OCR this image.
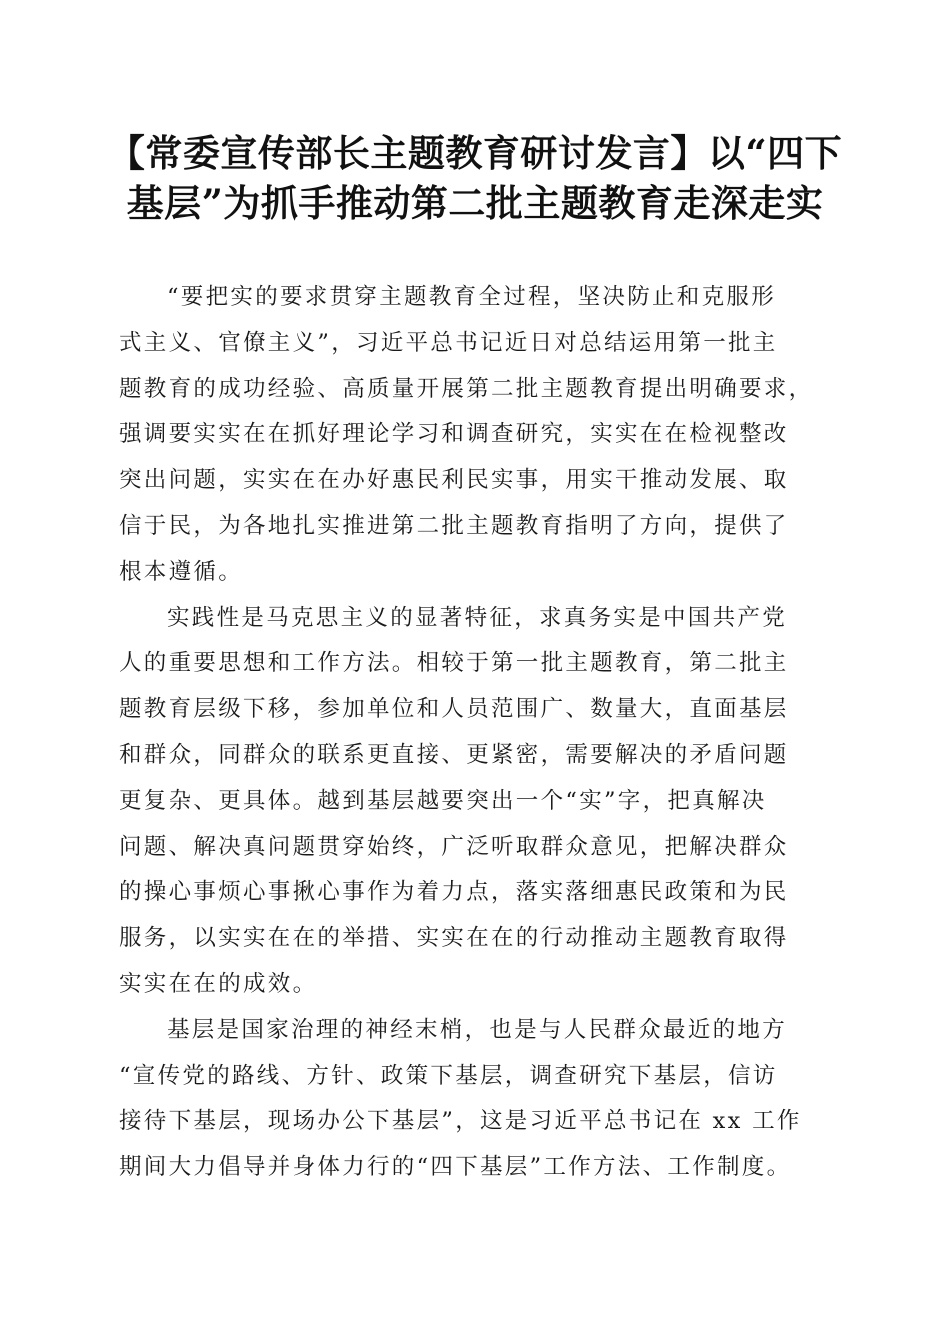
【常委宣传部长主题教育研讨发言】以“四下
基层”为抓手推动第二批主题教育走深走实

“要把实的要求贯穿主题教育全过程，坚决防止和克服形
式主义、官僚主义”，习近平总书记近日对总结运用第一批主
题教育的成功经验、高质量开展第二批主题教育提出明确要求，
强调要实实在在抓好理论学习和调查研究，实实在在检视整改
突出问题，实实在在办好惠民利民实事，用实干推动发展、取
信于民，为各地扎实推进第二批主题教育指明了方向，提供了
根本遵循。

实践性是马克思主义的显著特征，求真务实是中国共产党
人的重要思想和工作方法。相较于第一批主题教育，第二批主
题教育层级下移，参加单位和人员范围广、数量大，直面基层
和群众，同群众的联系更直接、更紧密，需要解决的矛盾问题
更复杂、更具体。越到基层越要突出一个“实”字，把真解决
问题、解决真问题贯穿始终，广泛听取群众意见，把解决群众
的操心事烦心事揪心事作为着力点，落实落细惠民政策和为民
服务，以实实在在的举措、实实在在的行动推动主题教育取得
实实在在的成效。

基层是国家治理的神经末梢，也是与人民群众最近的地方
“宣传党的路线、方针、政策下基层，调查研究下基层，信访
接待下基层，现场办公下基层”，这是习近平总书记在 xx 工作
期间大力倡导并身体力行的“四下基层”工作方法、工作制度。
